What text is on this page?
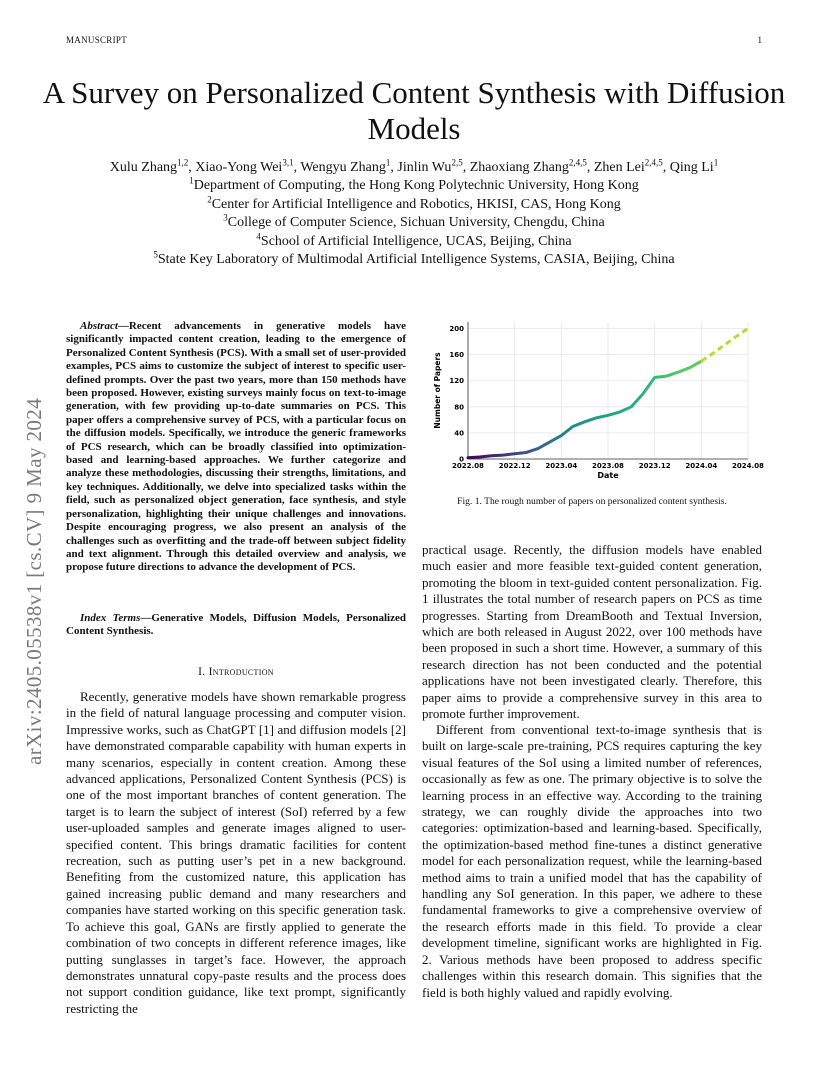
MANUSCRIPT	1
A Survey on Personalized Content Synthesis with Diffusion Models
Xulu Zhang$^{1,2}$, Xiao-Yong Wei$^{3,1}$, Wengyu Zhang$^1$, Jinlin Wu$^{2,5}$, Zhaoxiang Zhang$^{2,4,5}$, Zhen Lei$^{2,4,5}$, Qing Li$^1$
$^1$Department of Computing, the Hong Kong Polytechnic University, Hong Kong
$^2$Center for Artificial Intelligence and Robotics, HKISI, CAS, Hong Kong
$^3$College of Computer Science, Sichuan University, Chengdu, China
$^4$School of Artificial Intelligence, UCAS, Beijing, China
$^5$State Key Laboratory of Multimodal Artificial Intelligence Systems, CASIA, Beijing, China
arXiv:2405.05538v1 [cs.CV] 9 May 2024

Abstract—Recent advancements in generative models have significantly impacted content creation, leading to the emergence of Personalized Content Synthesis (PCS). With a small set of user-provided examples, PCS aims to customize the subject of interest to specific user-defined prompts. Over the past two years, more than 150 methods have been proposed. However, existing surveys mainly focus on text-to-image generation, with few providing up-to-date summaries on PCS. This paper offers a comprehensive survey of PCS, with a particular focus on the diffusion models. Specifically, we introduce the generic frameworks of PCS research, which can be broadly classified into optimization-based and learning-based approaches. We further categorize and analyze these methodologies, discussing their strengths, limitations, and key techniques. Additionally, we delve into specialized tasks within the field, such as personalized object generation, face synthesis, and style personalization, highlighting their unique challenges and innovations. Despite encouraging progress, we also present an analysis of the challenges such as overfitting and the trade-off between subject fidelity and text alignment. Through this detailed overview and analysis, we propose future directions to advance the development of PCS.

Index Terms—Generative Models, Diffusion Models, Personalized Content Synthesis.

I. Introduction

Recently, generative models have shown remarkable progress in the field of natural language processing and computer vision. Impressive works, such as ChatGPT [1] and diffusion models [2] have demonstrated comparable capability with human experts in many scenarios, especially in content creation. Among these advanced applications, Personalized Content Synthesis (PCS) is one of the most important branches of content generation. The target is to learn the subject of interest (SoI) referred by a few user-uploaded samples and generate images aligned to user-specified content. This brings dramatic facilities for content recreation, such as putting user’s pet in a new background. Benefiting from the customized nature, this application has gained increasing public demand and many researchers and companies have started working on this specific generation task. To achieve this goal, GANs are firstly applied to generate the combination of two concepts in different reference images, like putting sunglasses in target’s face. However, the approach demonstrates unnatural copy-paste results and the process does not support condition guidance, like text prompt, significantly restricting the

0
40
80
120
160
200
2022.08 2022.12 2023.04 2023.08 2023.12 2024.04 2024.08
Date
Number of Papers
Fig. 1. The rough number of papers on personalized content synthesis.

practical usage. Recently, the diffusion models have enabled much easier and more feasible text-guided content generation, promoting the bloom in text-guided content personalization. Fig. 1 illustrates the total number of research papers on PCS as time progresses. Starting from DreamBooth and Textual Inversion, which are both released in August 2022, over 100 methods have been proposed in such a short time. However, a summary of this research direction has not been conducted and the potential applications have not been investigated clearly. Therefore, this paper aims to provide a comprehensive survey in this area to promote further improvement.

Different from conventional text-to-image synthesis that is built on large-scale pre-training, PCS requires capturing the key visual features of the SoI using a limited number of references, occasionally as few as one. The primary objective is to solve the learning process in an effective way. According to the training strategy, we can roughly divide the approaches into two categories: optimization-based and learning-based. Specifically, the optimization-based method fine-tunes a distinct generative model for each personalization request, while the learning-based method aims to train a unified model that has the capability of handling any SoI generation. In this paper, we adhere to these fundamental frameworks to give a comprehensive overview of the research efforts made in this field. To provide a clear development timeline, significant works are highlighted in Fig. 2. Various methods have been proposed to address specific challenges within this research domain. This signifies that the field is both highly valued and rapidly evolving.
